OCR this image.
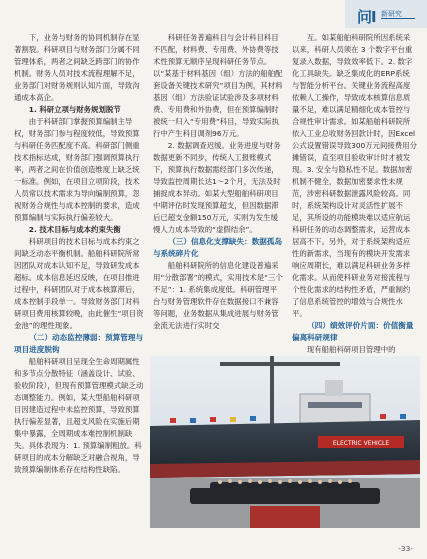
问Ⅰ 新研究

下，业务与财务的协同机制存在显著割裂。科研项目与财务部门分属不同管理体系，两者之间缺乏跨部门的协作机制。财务人员对技术流程理解不足，业务部门对财务规则认知片面，导致沟通成本高企。

1. 科研立项与财务规划脱节

由于科研部门掌握预算编制主导权，财务部门参与程度较低，导致预算与科研任务匹配度不高。科研部门侧重技术指标达成，财务部门强调预算执行率，两者之间在价值创造维度上缺乏统一标准。例如，在项目立项阶段，技术人员常以技术需求为导向编制预算，忽视财务合规性与成本控制的要求，造成预算编制与实际执行偏差较大。

2. 技术目标与成本约束失衡

科研项目的技术目标与成本约束之间缺乏动态平衡机制。船舶科研院所常因团队对成本认知不足，导致研发成本超标。成本信息延迟反映，在项目推进过程中，科研团队对于成本核算滞后，成本控制手段单一。导致财务部门对科研项目费用核算较晚，由此催生“项目资金池”的理性现象。

（二）动态监控薄弱：预算管理与项目进度脱钩

船舶科研项目呈现全生命周期属性和多节点分散特征（涵盖设计、试验、验收阶段），但现有预算管理模式缺乏动态调整能力。例如，某大型船舶科研项目因建造过程中未监控预算，导致预算执行偏差显著，且超支风险在实施后期集中暴露，全周期成本难控制机制缺失。具体表现为：1. 预算编制粗放。科研项目的成本分解缺乏对融合视角，导致预算编制体系存在结构性缺陷。

科研任务普遍科目与会计科目科目不匹配，材料费、专用费、外协费等技术性预算无顺序呈现科研任务节点。以“某基于材料基因（组）方法的船舶配套设备关键技术研究”项目为例，其材料基因（组）方法验证试验涉及多项材料费、专用费和外协费，但在预算编制时被统一归入“专用费”科目，导致实际执行中产生科目调剂96万元。

2. 数据调查迟缓。业务进度与财务数据更新不同步，传统人工报账模式下，预算执行数据需经部门多次传递，导致监控周期长达1～2个月，无法及时捕捉成本异动。如某大型船舶科研项目中期评估时发现预算超支，但因数据滞后已超支金额150万元，实则为发生缓慢人力成本导致的“虚假结余”。

（三）信息化支撑缺失：数据孤岛与系统碎片化

船舶科研院所的信息化建设普遍采用“分散部署”的模式，实用技术是“三个不足”：1. 系统集成度低。科研管理平台与财务管理软件存在数据接口不兼容等问题，业务数据从集成进展与财务管金流无法进行实时交

互。如某船舶科研院所因系统采以来，科研人员须在 3 个数字平台重复录入数据，导致效率低下。2. 数字化工具缺失。缺乏集成化的ERP系统与智能分析平台。关键业务流程高度依赖人工操作，导致成本核算信息质量不足，难以满足精细化成本管控与合规性审计需求。如某船舶科研院所依入工业总收财务回款计时，因Excel公式设置错误导致300万元间接费用分摊错误，直至项目验收审计时才被发现。3. 安全与隐私性不足。数据加密机制不健全，数据加密要求性未规范，涉密科研数据泄露风险较高。同时，系统架构设计对灵活性扩展不足，其所设的功能模块难以适应航运科研任务的动态调整需求，运营成本居高不下。另外，对于系统架构适应性的新需求，当现有的模块开发需求响应周期长，难以满足科研业务多样化需求。从而使科研业务对接流程与个性化需求的结构性矛盾，严重制约了信息系统管控的增效与合规性水平。

（四）绩效评价片面：价值衡量偏离科研规律

现有船舶科研项目管理中的

ELECTRIC VEHICLE
-33-
